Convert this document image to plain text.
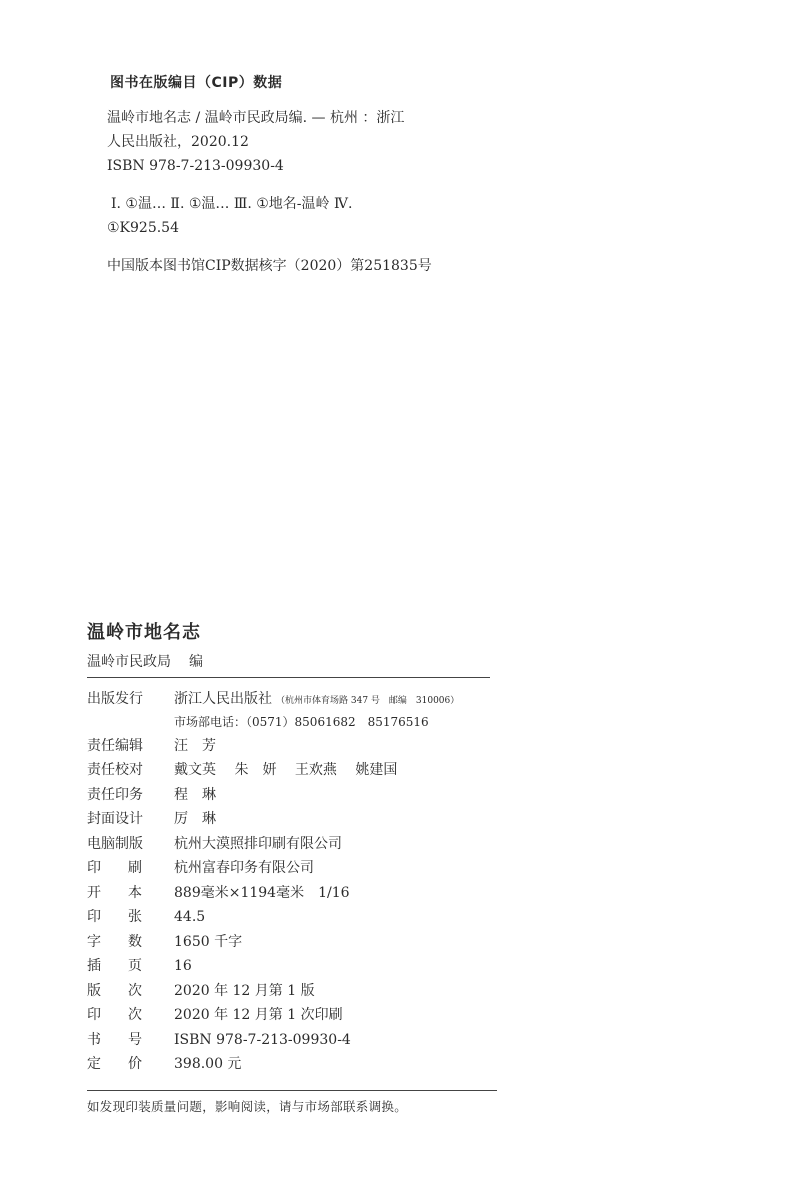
图书在版编目（CIP）数据
温岭市地名志 / 温岭市民政局编. — 杭州 ：浙江
人民出版社，2020.12
ISBN 978-7-213-09930-4
Ⅰ. ①温… Ⅱ. ①温… Ⅲ. ①地名-温岭 Ⅳ.
①K925.54
中国版本图书馆CIP数据核字（2020）第251835号
温岭市地名志
温岭市民政局 编
出版发行	浙江人民出版社 （杭州市体育场路 347 号　邮编　310006）
市场部电话：（0571）85061682　85176516
责任编辑	汪　芳
责任校对	戴文英　 朱　妍　 王欢燕　 姚建国
责任印务	程　琳
封面设计	厉　琳
电脑制版	杭州大漠照排印刷有限公司
印 刷 杭州富春印务有限公司
开 本 889毫米×1194毫米　1/16
印 张 44.5
字 数 1650 千字
插 页 16
版 次 2020 年 12 月第 1 版
印 次 2020 年 12 月第 1 次印刷
书 号 ISBN 978-7-213-09930-4
定 价 398.00 元
如发现印装质量问题，影响阅读，请与市场部联系调换。
